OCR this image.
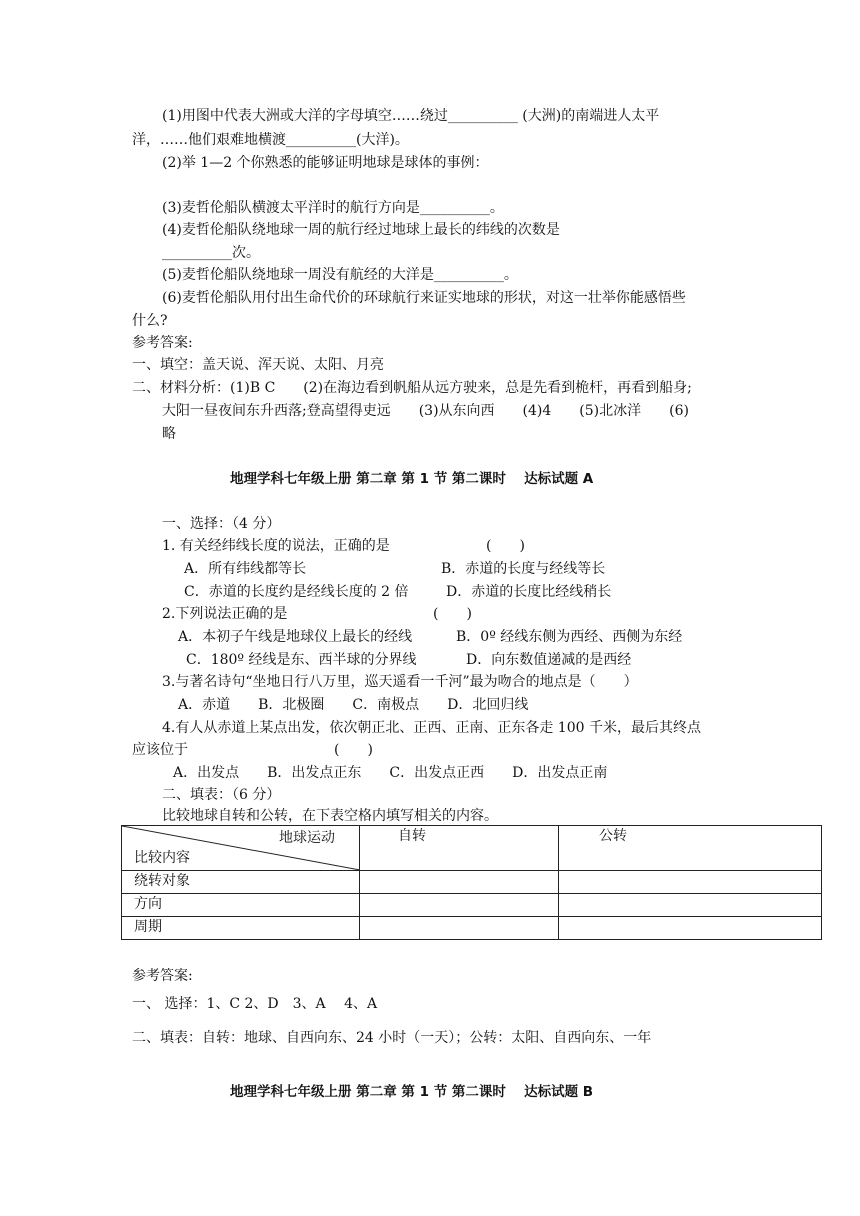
(1)用图中代表大洲或大洋的字母填空……绕过__________ (大洲)的南端进人太平
洋，……他们艰难地横渡__________(大洋)。
(2)举 1—2 个你熟悉的能够证明地球是球体的事例：
(3)麦哲伦船队横渡太平洋时的航行方向是__________。
(4)麦哲伦船队绕地球一周的航行经过地球上最长的纬线的次数是
__________次。
(5)麦哲伦船队绕地球一周没有航经的大洋是__________。
(6)麦哲伦船队用付出生命代价的环球航行来证实地球的形状，对这一壮举你能感悟些
什么?
参考答案:
一、填空：盖天说、浑天说、太阳、月亮
二、材料分析：(1)B C　　(2)在海边看到帆船从远方驶来，总是先看到桅杆，再看到船身;
大阳一昼夜间东升西落;登高望得吏远　　(3)从东向西　　(4)4　　(5)北冰洋　　(6)
略
地理学科七年级上册 第二章 第 1 节 第二课时　 达标试题 A
一、选择：（4 分）
1. 有关经纬线长度的说法，正确的是	(　　)
A．所有纬线都等长	B．赤道的长度与经线等长
C．赤道的长度约是经线长度的 2 倍	D．赤道的长度比经线稍长
2.下列说法正确的是	(　　)
A．本初子午线是地球仪上最长的经线	B．0º 经线东侧为西经、西侧为东经
C．180º 经线是东、西半球的分界线	D．向东数值递减的是西经
3.与著名诗句“坐地日行八万里，巡天遥看一千河”最为吻合的地点是（　　）
A．赤道　　B．北极圈　　C．南极点　　D．北回归线
4.有人从赤道上某点出发，依次朝正北、正西、正南、正东各走 100 千米，最后其终点
应该位于	(　　)
A．出发点　　B．出发点正东　　C．出发点正西　　D．出发点正南
二、填表：（6 分）
比较地球自转和公转，在下表空格内填写相关的内容。
地球运动
比较内容	自转	公转
绕转对象		
方向		
周期		
参考答案:
一、 选择：1、C 2、D　3、A　 4、A
二、填表：自转：地球、自西向东、24 小时（一天）；公转：太阳、自西向东、一年
地理学科七年级上册 第二章 第 1 节 第二课时　 达标试题 B
